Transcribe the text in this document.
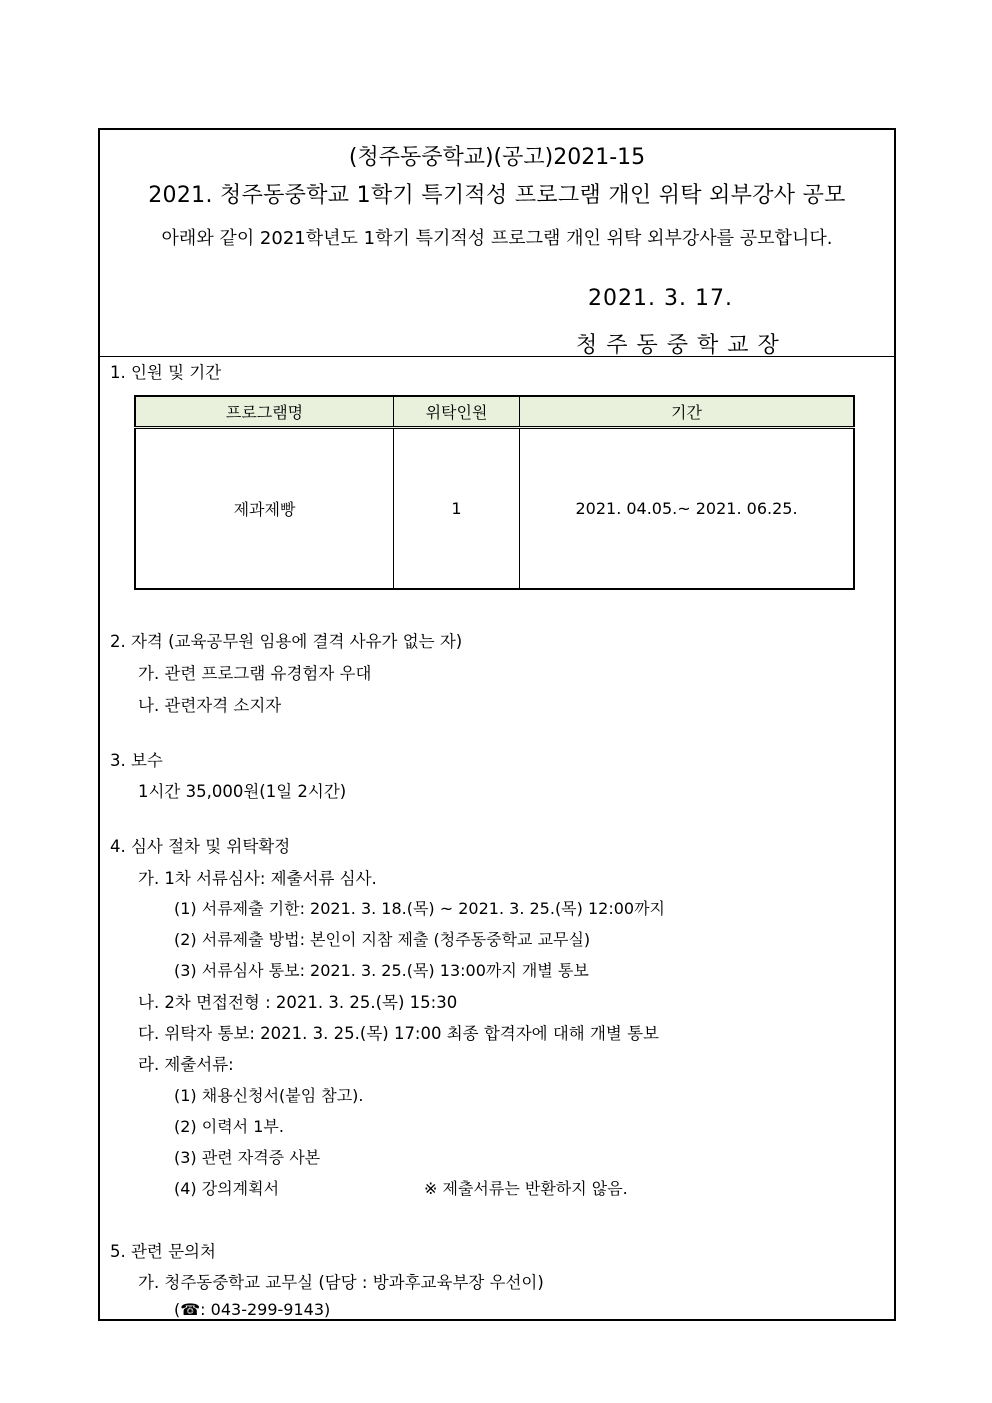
(청주동중학교)(공고)2021-15
2021. 청주동중학교 1학기 특기적성 프로그램 개인 위탁 외부강사 공모
아래와 같이 2021학년도 1학기 특기적성 프로그램 개인 위탁 외부강사를 공모합니다.
2021. 3. 17.
청주동중학교장
1. 인원 및 기간
프로그램명	위탁인원	기간
제과제빵	1	2021. 04.05.~ 2021. 06.25.
2. 자격 (교육공무원 임용에 결격 사유가 없는 자)
가. 관련 프로그램 유경험자 우대
나. 관련자격 소지자
3. 보수
1시간 35,000원(1일 2시간)
4. 심사 절차 및 위탁확정
가. 1차 서류심사: 제출서류 심사.
(1) 서류제출 기한: 2021. 3. 18.(목) ~ 2021. 3. 25.(목) 12:00까지
(2) 서류제출 방법: 본인이 지참 제출 (청주동중학교 교무실)
(3) 서류심사 통보: 2021. 3. 25.(목) 13:00까지 개별 통보
나. 2차 면접전형 : 2021. 3. 25.(목) 15:30
다. 위탁자 통보: 2021. 3. 25.(목) 17:00 최종 합격자에 대해 개별 통보
라. 제출서류:
(1) 채용신청서(붙임 참고).
(2) 이력서 1부.
(3) 관련 자격증 사본
(4) 강의계획서	※ 제출서류는 반환하지 않음.
5. 관련 문의처
가. 청주동중학교 교무실 (담당 : 방과후교육부장 우선이)
(☎: 043-299-9143)
